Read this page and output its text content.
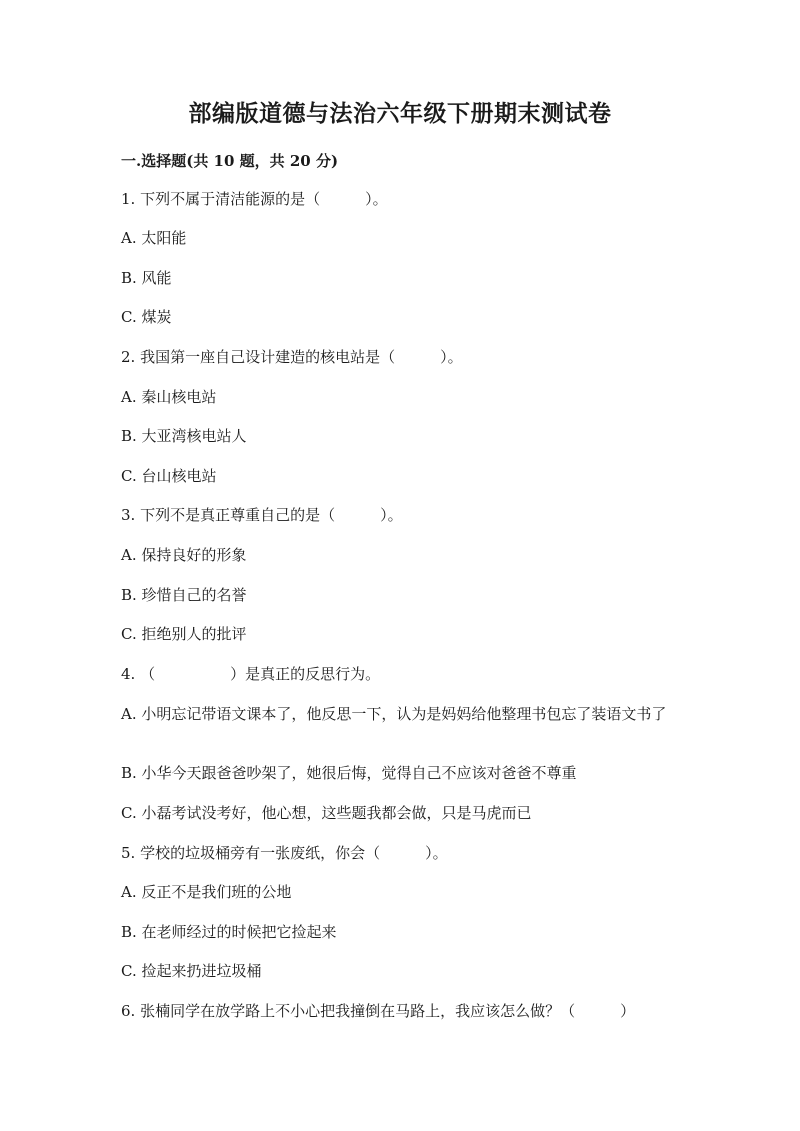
部编版道德与法治六年级下册期末测试卷
一.选择题(共 10 题，共 20 分)
1. 下列不属于清洁能源的是（　　　）。
A. 太阳能
B. 风能
C. 煤炭
2. 我国第一座自己设计建造的核电站是（　　　）。
A. 秦山核电站
B. 大亚湾核电站人
C. 台山核电站
3. 下列不是真正尊重自己的是（　　　）。
A. 保持良好的形象
B. 珍惜自己的名誉
C. 拒绝别人的批评
4. （　　　　　）是真正的反思行为。
A. 小明忘记带语文课本了，他反思一下，认为是妈妈给他整理书包忘了装语文书了
B. 小华今天跟爸爸吵架了，她很后悔，觉得自己不应该对爸爸不尊重
C. 小磊考试没考好，他心想，这些题我都会做，只是马虎而已
5. 学校的垃圾桶旁有一张废纸，你会（　　　）。
A. 反正不是我们班的公地
B. 在老师经过的时候把它捡起来
C. 捡起来扔进垃圾桶
6. 张楠同学在放学路上不小心把我撞倒在马路上，我应该怎么做？（　　　）
